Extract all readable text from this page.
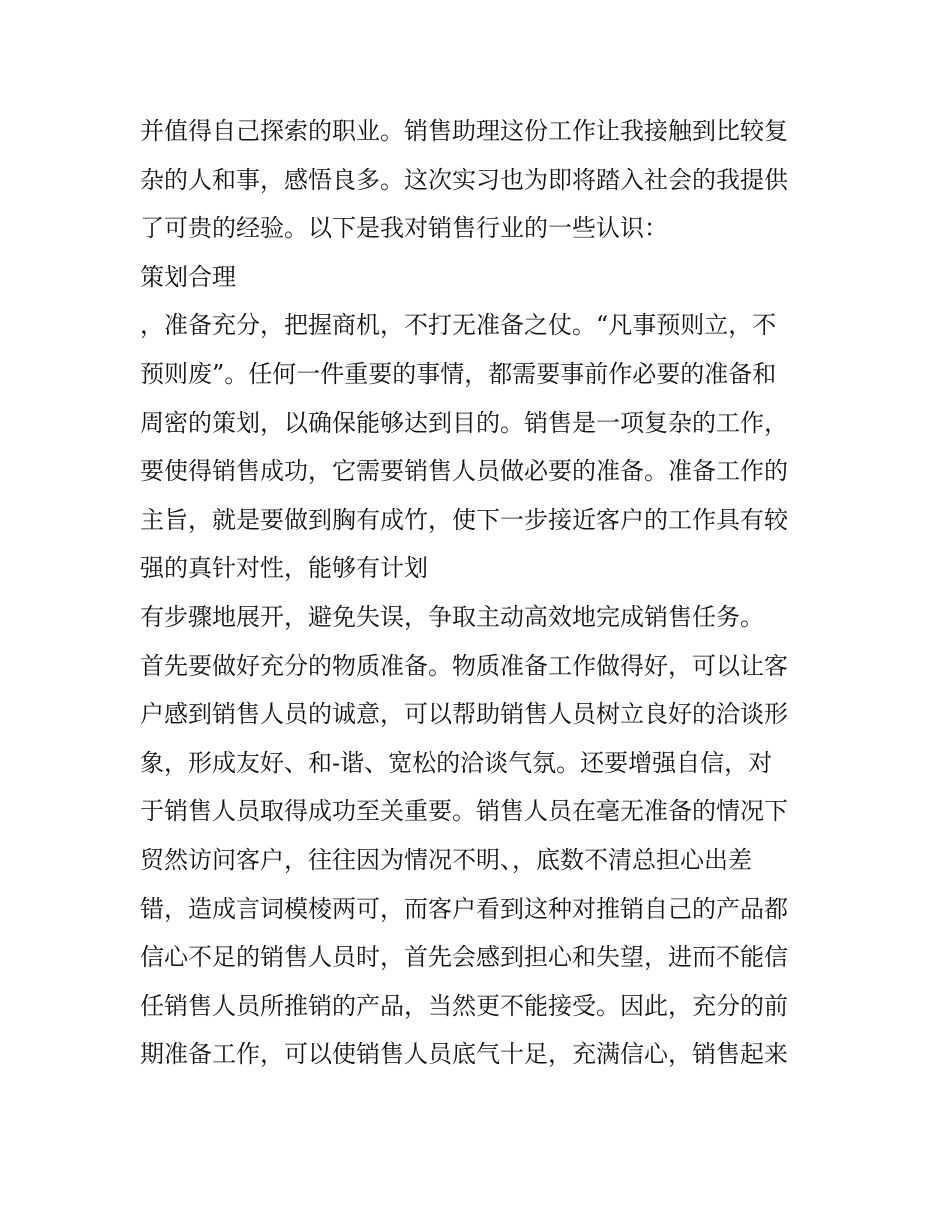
并值得自己探索的职业。销售助理这份工作让我接触到比较复
杂的人和事，感悟良多。这次实习也为即将踏入社会的我提供
了可贵的经验。以下是我对销售行业的一些认识：
策划合理
，准备充分，把握商机，不打无准备之仗。“凡事预则立，不
预则废”。任何一件重要的事情，都需要事前作必要的准备和
周密的策划，以确保能够达到目的。销售是一项复杂的工作，
要使得销售成功，它需要销售人员做必要的准备。准备工作的
主旨，就是要做到胸有成竹，使下一步接近客户的工作具有较
强的真针对性，能够有计划
有步骤地展开，避免失误，争取主动高效地完成销售任务。
首先要做好充分的物质准备。物质准备工作做得好，可以让客
户感到销售人员的诚意，可以帮助销售人员树立良好的洽谈形
象，形成友好、和-谐、宽松的洽谈气氛。还要增强自信，对
于销售人员取得成功至关重要。销售人员在毫无准备的情况下
贸然访问客户，往往因为情况不明、，底数不清总担心出差
错，造成言词模棱两可，而客户看到这种对推销自己的产品都
信心不足的销售人员时，首先会感到担心和失望，进而不能信
任销售人员所推销的产品，当然更不能接受。因此，充分的前
期准备工作，可以使销售人员底气十足，充满信心，销售起来
